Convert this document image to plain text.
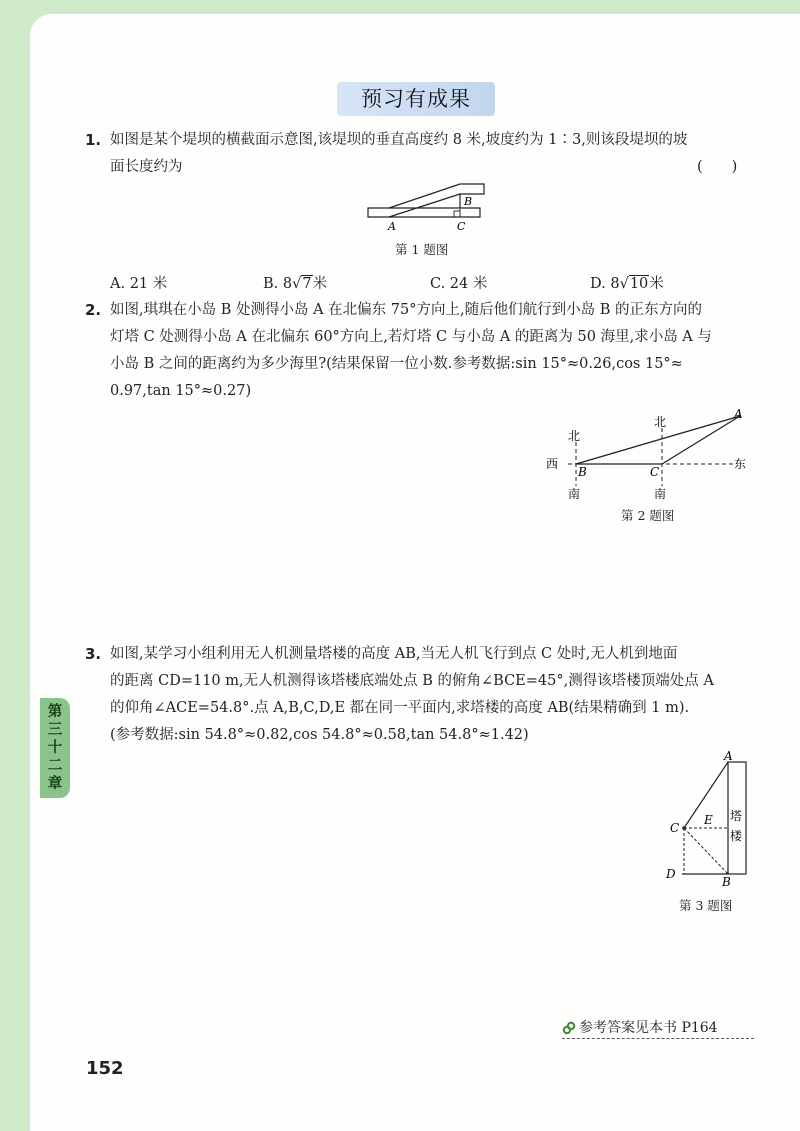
预习有成果
1. 如图是某个堤坝的横截面示意图,该堤坝的垂直高度约 8 米,坡度约为 1∶3,则该段堤坝的坡
面长度约为	(　　)
B
A	C
第 1 题图
A. 21 米	B. 8√7米	C. 24 米	D. 8√10米
2. 如图,琪琪在小岛 B 处测得小岛 A 在北偏东 75°方向上,随后他们航行到小岛 B 的正东方向的
灯塔 C 处测得小岛 A 在北偏东 60°方向上,若灯塔 C 与小岛 A 的距离为 50 海里,求小岛 A 与
小岛 B 之间的距离约为多少海里?(结果保留一位小数.参考数据:sin 15°≈0.26,cos 15°≈
0.97,tan 15°≈0.27)
北
北
南	南
西	东
A
B	C
第 2 题图
3. 如图,某学习小组利用无人机测量塔楼的高度 AB,当无人机飞行到点 C 处时,无人机到地面
的距离 CD=110 m,无人机测得该塔楼底端处点 B 的俯角∠BCE=45°,测得该塔楼顶端处点 A
的仰角∠ACE=54.8°.点 A,B,C,D,E 都在同一平面内,求塔楼的高度 AB(结果精确到 1 m).
(参考数据:sin 54.8°≈0.82,cos 54.8°≈0.58,tan 54.8°≈1.42)
A
B
C
D
E 塔
楼
第 3 题图
第
三
十
二
章
参考答案见本书 P164
152
